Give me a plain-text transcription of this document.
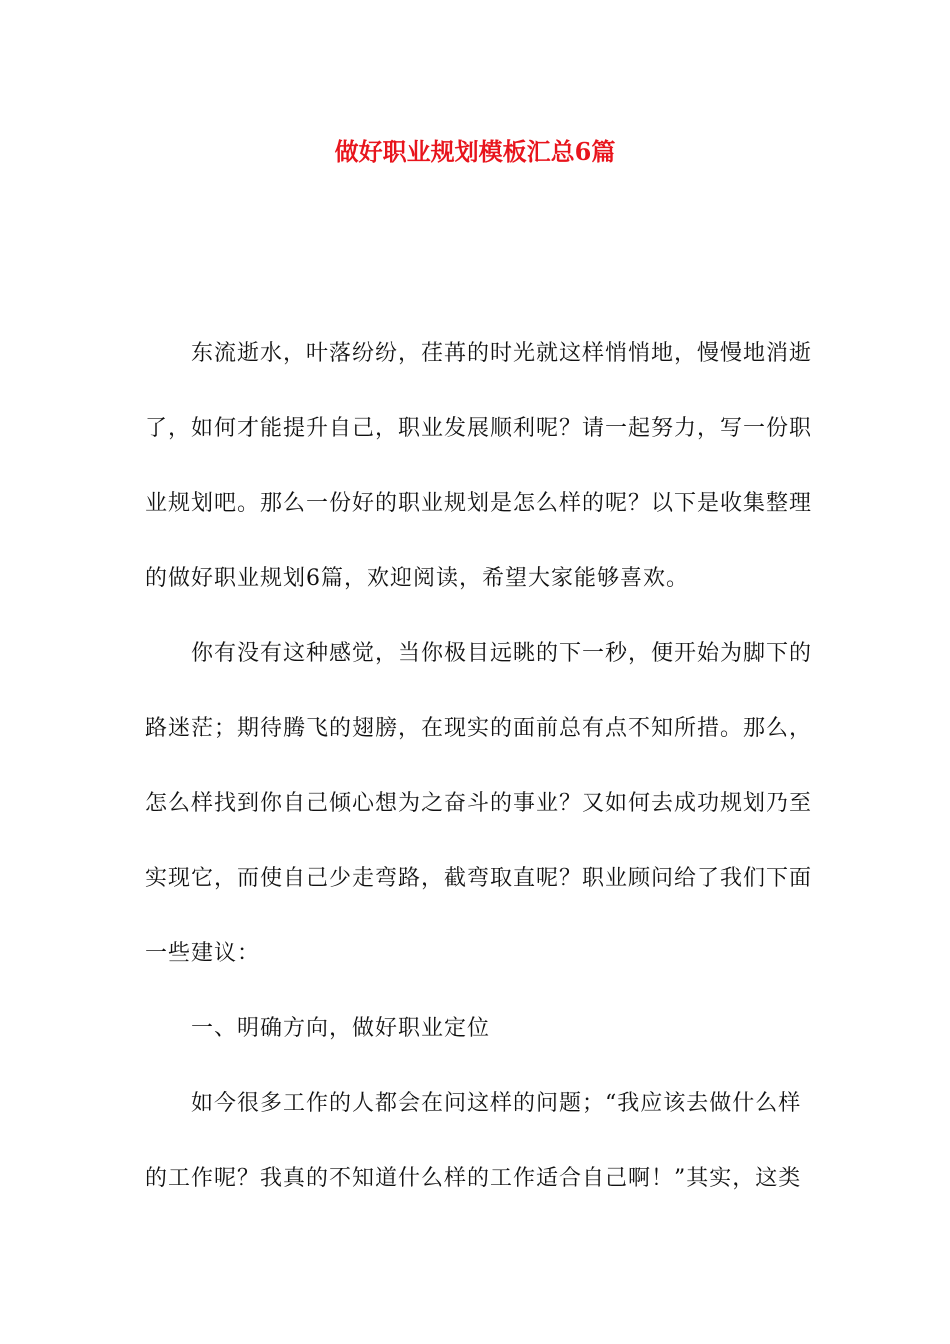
做好职业规划模板汇总6篇

东流逝水，叶落纷纷，荏苒的时光就这样悄悄地，慢慢地消逝
了，如何才能提升自己，职业发展顺利呢？请一起努力，写一份职
业规划吧。那么一份好的职业规划是怎么样的呢？以下是收集整理
的做好职业规划6篇，欢迎阅读，希望大家能够喜欢。

你有没有这种感觉，当你极目远眺的下一秒，便开始为脚下的
路迷茫；期待腾飞的翅膀，在现实的面前总有点不知所措。那么，
怎么样找到你自己倾心想为之奋斗的事业？又如何去成功规划乃至
实现它，而使自己少走弯路，截弯取直呢？职业顾问给了我们下面
一些建议：

一、明确方向，做好职业定位

如今很多工作的人都会在问这样的问题；“我应该去做什么样
的工作呢？我真的不知道什么样的工作适合自己啊！”其实，这类
